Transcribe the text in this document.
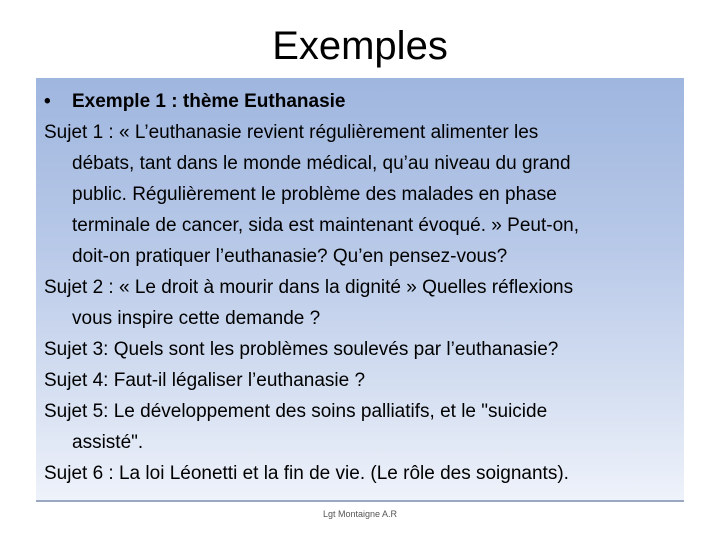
Exemples
•	Exemple 1 : thème Euthanasie
Sujet 1 : « L’euthanasie revient régulièrement alimenter les
débats, tant dans le monde médical, qu’au niveau du grand
public. Régulièrement le problème des malades en phase
terminale de cancer, sida est maintenant évoqué. » Peut-on,
doit-on pratiquer l’euthanasie? Qu’en pensez-vous?
Sujet 2 : « Le droit à mourir dans la dignité » Quelles réflexions
vous inspire cette demande ?
Sujet 3: Quels sont les problèmes soulevés par l’euthanasie?
Sujet 4: Faut-il légaliser l’euthanasie ?
Sujet 5: Le développement des soins palliatifs, et le "suicide
assisté".
Sujet 6 : La loi Léonetti et la fin de vie. (Le rôle des soignants).
Lgt Montaigne A.R
